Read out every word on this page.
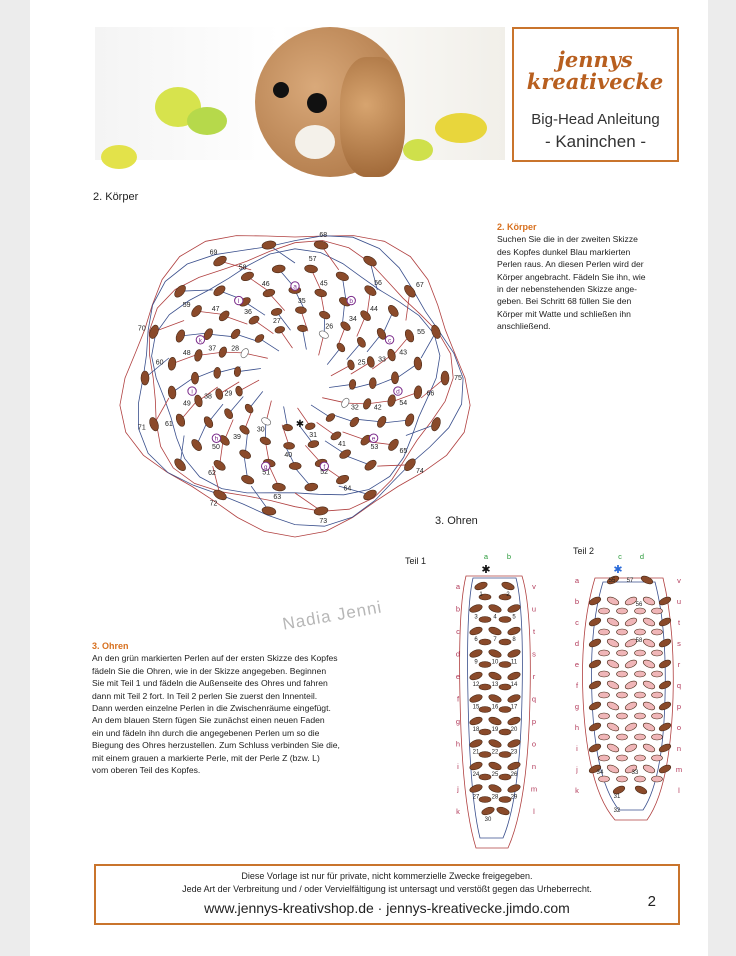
jennys
kreativecke
Big-Head Anleitung
- Kaninchen -
2. Körper
75
74
73
72
71
70
69
68
67
66
65
64
63
62
61
60
59
58
57
56
55
54
53
52
51
50
49
48
47
46	45
44
43
42
41
40
39
38
37
36
35
34
33
32
31
30
29
28
27
26
25
a
b
c
d
e
f
g
h
i
k
l
✱
2. Körper
Suchen Sie die in der zweiten Skizze
des Kopfes dunkel Blau markierten
Perlen raus. An diesen Perlen wird der
Körper angebracht. Fädeln Sie ihn, wie
in der nebenstehenden Skizze ange-
geben. Bei Schritt 68 füllen Sie den
Körper mit Watte und schließen ihn
anschließend.
3. Ohren
3. Ohren
An den grün markierten Perlen auf der ersten Skizze des Kopfes
fädeln Sie die Ohren, wie in der Skizze angegeben. Beginnen
Sie mit Teil 1 und fädeln die Außenseite des Ohres und fahren
dann mit Teil 2 fort. In Teil 2 perlen Sie zuerst den Innenteil.
Dann werden einzelne Perlen in die Zwischenräume eingefügt.
An dem blauen Stern fügen Sie zunächst einen neuen Faden
ein und fädeln ihn durch die angegebenen Perlen um so die
Biegung des Ohres herzustellen. Zum Schluss verbinden Sie die,
mit einem grauen a markierte Perle, mit der Perle Z (bzw. L)
vom oberen Teil des Kopfes.
Nadia Jenni
Teil 1
Teil 2
a	b
✱
a	v
1	2
b	u
3	4	5
c	t
6	7	8
d	s
9 10 11
e	r
12 13 14
f	q
15 16 17
g	p
18 19 20
h	o
21 22 23
i	n
24 25 26
j	m
27 28 29
k	l
30
c d
✱
55 57
56
58
a	v
b	u
c	t
d	s
e	r
f	q
g	p
h	o
i	n
j	m
k	l
32
31
33
34
Diese Vorlage ist nur für private, nicht kommerzielle Zwecke freigegeben.
Jede Art der Verbreitung und / oder Vervielfältigung ist untersagt und verstößt gegen das Urheberrecht.
www.jennys-kreativshop.de · jennys-kreativecke.jimdo.com	2
